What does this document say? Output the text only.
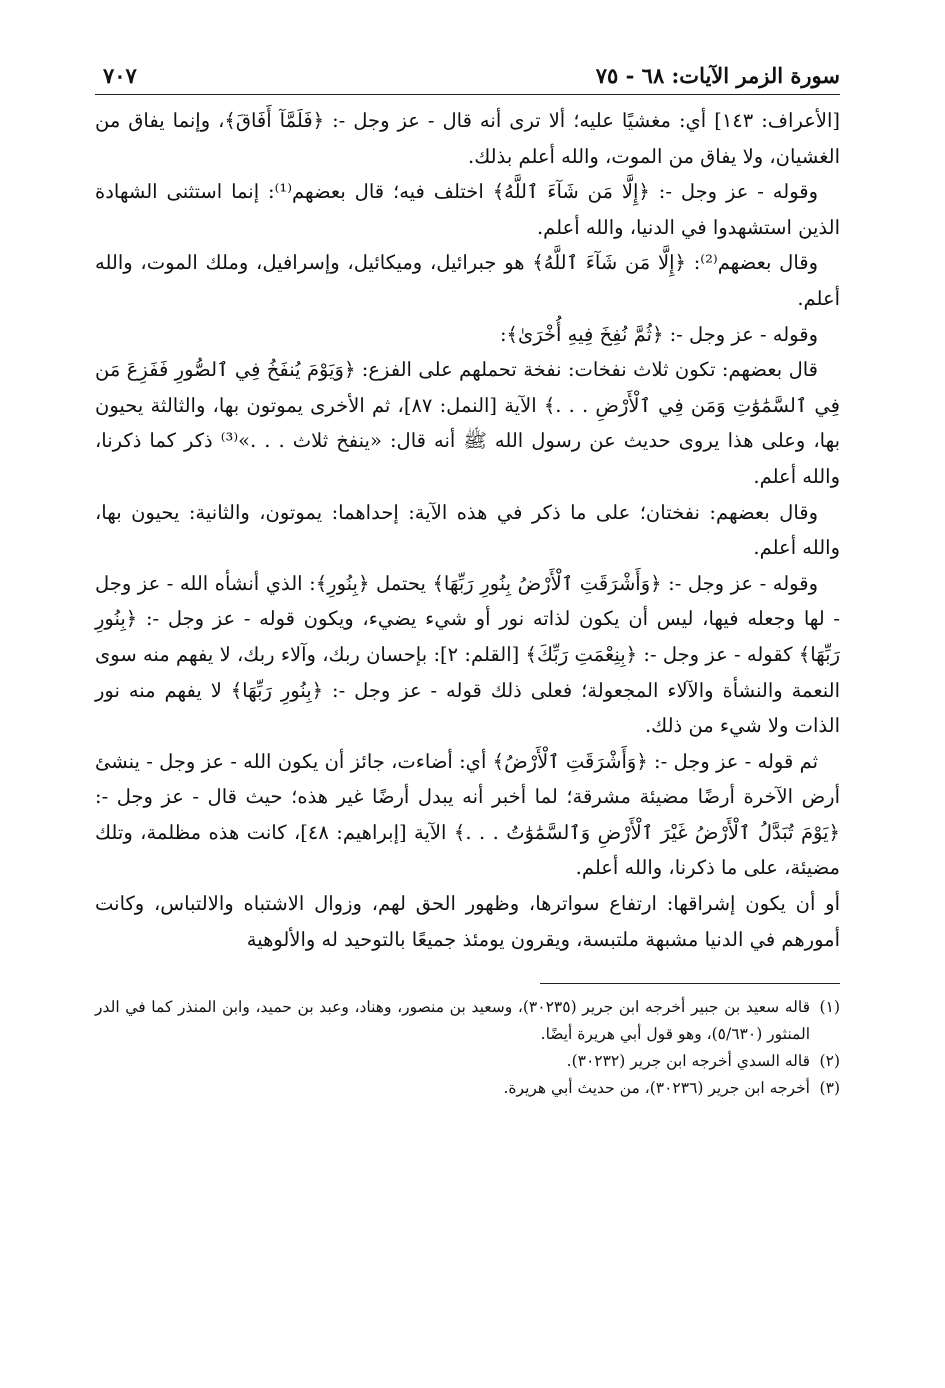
سورة الزمر الآيات: ٦٨ - ٧٥
٧٠٧

[الأعراف: ١٤٣] أي: مغشيًا عليه؛ ألا ترى أنه قال - عز وجل -: ﴿فَلَمَّآ أَفَاقَ﴾، وإنما يفاق من الغشيان، ولا يفاق من الموت، والله أعلم بذلك.

وقوله - عز وجل -: ﴿إِلَّا مَن شَآءَ ٱللَّهُ﴾ اختلف فيه؛ قال بعضهم⁽¹⁾: إنما استثنى الشهادة الذين استشهدوا في الدنيا، والله أعلم.

وقال بعضهم⁽²⁾: ﴿إِلَّا مَن شَآءَ ٱللَّهُ﴾ هو جبرائيل، وميكائيل، وإسرافيل، وملك الموت، والله أعلم.

وقوله - عز وجل -: ﴿ثُمَّ نُفِخَ فِيهِ أُخْرَىٰ﴾:

قال بعضهم: تكون ثلاث نفخات: نفخة تحملهم على الفزع: ﴿وَيَوْمَ يُنفَخُ فِي ٱلصُّورِ فَفَزِعَ مَن فِي ٱلسَّمَٰوَٰتِ وَمَن فِي ٱلْأَرْضِ . . .﴾ الآية [النمل: ٨٧]، ثم الأخرى يموتون بها، والثالثة يحيون بها، وعلى هذا يروى حديث عن رسول الله ﷺ أنه قال: «ينفخ ثلاث . . .»⁽³⁾ ذكر كما ذكرنا، والله أعلم.

وقال بعضهم: نفختان؛ على ما ذكر في هذه الآية: إحداهما: يموتون، والثانية: يحيون بها، والله أعلم.

وقوله - عز وجل -: ﴿وَأَشْرَقَتِ ٱلْأَرْضُ بِنُورِ رَبِّهَا﴾ يحتمل ﴿بِنُورِ﴾: الذي أنشأه الله - عز وجل - لها وجعله فيها، ليس أن يكون لذاته نور أو شيء يضيء، ويكون قوله - عز وجل -: ﴿بِنُورِ رَبِّهَا﴾ كقوله - عز وجل -: ﴿بِنِعْمَتِ رَبِّكَ﴾ [القلم: ٢]: بإحسان ربك، وآلاء ربك، لا يفهم منه سوى النعمة والنشأة والآلاء المجعولة؛ فعلى ذلك قوله - عز وجل -: ﴿بِنُورِ رَبِّهَا﴾ لا يفهم منه نور الذات ولا شيء من ذلك.

ثم قوله - عز وجل -: ﴿وَأَشْرَقَتِ ٱلْأَرْضُ﴾ أي: أضاءت، جائز أن يكون الله - عز وجل - ينشئ أرض الآخرة أرضًا مضيئة مشرقة؛ لما أخبر أنه يبدل أرضًا غير هذه؛ حيث قال - عز وجل -: ﴿يَوْمَ تُبَدَّلُ ٱلْأَرْضُ غَيْرَ ٱلْأَرْضِ وَٱلسَّمَٰوَٰتُ . . .﴾ الآية [إبراهيم: ٤٨]، كانت هذه مظلمة، وتلك مضيئة، على ما ذكرنا، والله أعلم.

أو أن يكون إشراقها: ارتفاع سواترها، وظهور الحق لهم، وزوال الاشتباه والالتباس، وكانت أمورهم في الدنيا مشبهة ملتبسة، ويقرون يومئذ جميعًا بالتوحيد له والألوهية

(١)
قاله سعيد بن جبير أخرجه ابن جرير (٣٠٢٣٥)، وسعيد بن منصور، وهناد، وعبد بن حميد، وابن المنذر كما في الدر المنثور (٥/٦٣٠)، وهو قول أبي هريرة أيضًا.

(٢)
قاله السدي أخرجه ابن جرير (٣٠٢٣٢).

(٣)
أخرجه ابن جرير (٣٠٢٣٦)، من حديث أبي هريرة.
